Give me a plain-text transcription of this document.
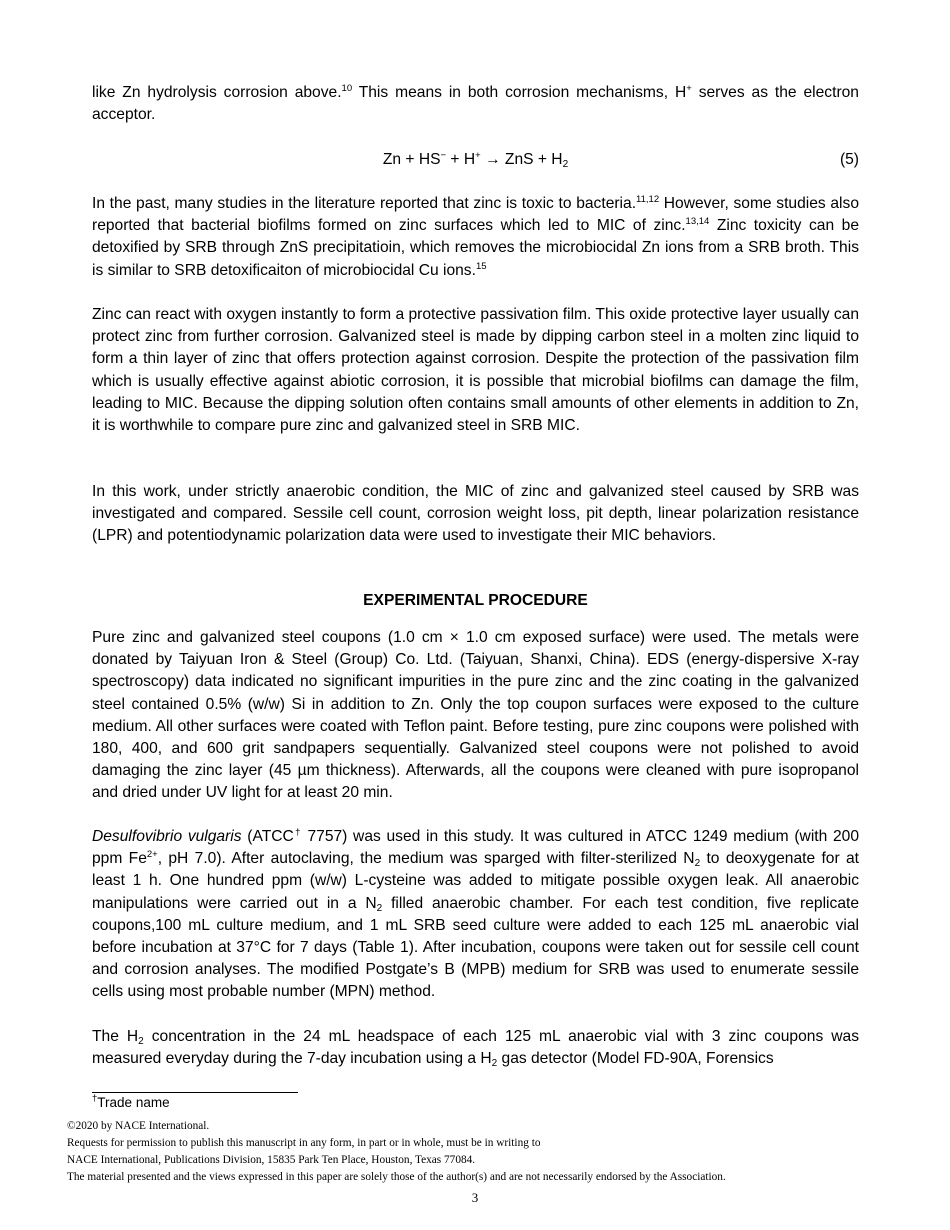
like Zn hydrolysis corrosion above.$^{10}$ This means in both corrosion mechanisms, H+ serves as the electron acceptor.

Zn + HS− + H+ → ZnS + $H_2$	(5)

In the past, many studies in the literature reported that zinc is toxic to bacteria.$^{11,12}$ However, some studies also reported that bacterial biofilms formed on zinc surfaces which led to MIC of zinc.$^{13,14}$ Zinc toxicity can be detoxified by SRB through ZnS precipitatioin, which removes the microbiocidal Zn ions from a SRB broth. This is similar to SRB detoxificaiton of microbiocidal Cu ions.$^{15}$

Zinc can react with oxygen instantly to form a protective passivation film. This oxide protective layer usually can protect zinc from further corrosion. Galvanized steel is made by dipping carbon steel in a molten zinc liquid to form a thin layer of zinc that offers protection against corrosion. Despite the protection of the passivation film which is usually effective against abiotic corrosion, it is possible that microbial biofilms can damage the film, leading to MIC. Because the dipping solution often contains small amounts of other elements in addition to Zn, it is worthwhile to compare pure zinc and galvanized steel in SRB MIC.

In this work, under strictly anaerobic condition, the MIC of zinc and galvanized steel caused by SRB was investigated and compared. Sessile cell count, corrosion weight loss, pit depth, linear polarization resistance (LPR) and potentiodynamic polarization data were used to investigate their MIC behaviors.

EXPERIMENTAL PROCEDURE

Pure zinc and galvanized steel coupons (1.0 cm × 1.0 cm exposed surface) were used. The metals were donated by Taiyuan Iron & Steel (Group) Co. Ltd. (Taiyuan, Shanxi, China). EDS (energy-dispersive X-ray spectroscopy) data indicated no significant impurities in the pure zinc and the zinc coating in the galvanized steel contained 0.5% (w/w) Si in addition to Zn. Only the top coupon surfaces were exposed to the culture medium. All other surfaces were coated with Teflon paint. Before testing, pure zinc coupons were polished with 180, 400, and 600 grit sandpapers sequentially. Galvanized steel coupons were not polished to avoid damaging the zinc layer (45 µm thickness). Afterwards, all the coupons were cleaned with pure isopropanol and dried under UV light for at least 20 min.

Desulfovibrio vulgaris (ATCC† 7757) was used in this study. It was cultured in ATCC 1249 medium (with 200 ppm $Fe^{2+}$, pH 7.0). After autoclaving, the medium was sparged with filter-sterilized $N_2$ to deoxygenate for at least 1 h. One hundred ppm (w/w) L-cysteine was added to mitigate possible oxygen leak. All anaerobic manipulations were carried out in a $N_2$ filled anaerobic chamber. For each test condition, five replicate coupons,100 mL culture medium, and 1 mL SRB seed culture were added to each 125 mL anaerobic vial before incubation at 37°C for 7 days (Table 1). After incubation, coupons were taken out for sessile cell count and corrosion analyses. The modified Postgate’s B (MPB) medium for SRB was used to enumerate sessile cells using most probable number (MPN) method.

The $H_2$ concentration in the 24 mL headspace of each 125 mL anaerobic vial with 3 zinc coupons was measured everyday during the 7-day incubation using a $H_2$ gas detector (Model FD-90A, Forensics

†Trade name
©2020 by NACE International.
Requests for permission to publish this manuscript in any form, in part or in whole, must be in writing to
NACE International, Publications Division, 15835 Park Ten Place, Houston, Texas 77084.
The material presented and the views expressed in this paper are solely those of the author(s) and are not necessarily endorsed by the Association.
3
